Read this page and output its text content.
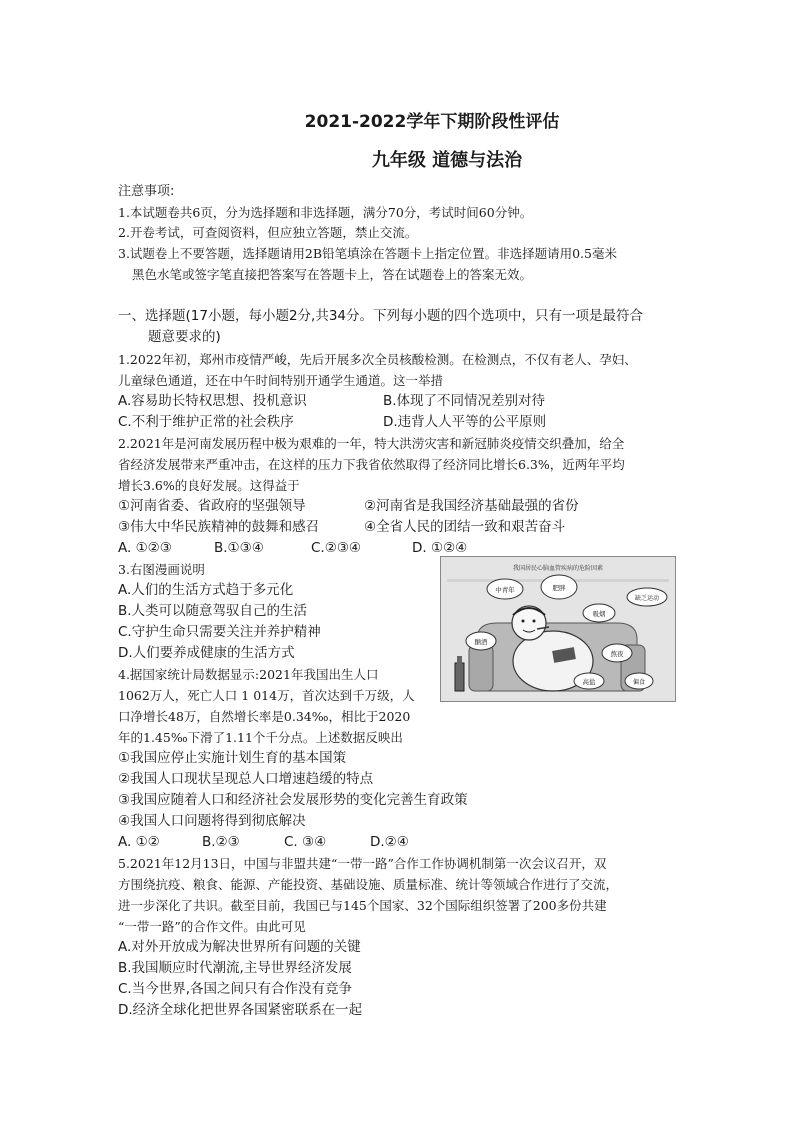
2021-2022学年下期阶段性评估
九年级 道德与法治
注意事项:
1.本试题卷共6页，分为选择题和非选择题，满分70分，考试时间60分钟。
2.开卷考试，可查阅资料，但应独立答题，禁止交流。
3.试题卷上不要答题，选择题请用2B铅笔填涂在答题卡上指定位置。非选择题请用0.5毫米
黑色水笔或签字笔直接把答案写在答题卡上，答在试题卷上的答案无效。
一、选择题(17小题，每小题2分,共34分。下列每小题的四个选项中，只有一项是最符合
题意要求的)
1.2022年初，郑州市疫情严峻，先后开展多次全员核酸检测。在检测点，不仅有老人、孕妇、
儿童绿色通道，还在中午时间特别开通学生通道。这一举措
A.容易助长特权思想、投机意识	B.体现了不同情况差别对待
C.不利于维护正常的社会秩序	D.违背人人平等的公平原则
2.2021年是河南发展历程中极为艰难的一年，特大洪涝灾害和新冠肺炎疫情交织叠加，给全
省经济发展带来严重冲击，在这样的压力下我省依然取得了经济同比增长6.3%，近两年平均
增长3.6%的良好发展。这得益于
①河南省委、省政府的坚强领导	②河南省是我国经济基础最强的省份
③伟大中华民族精神的鼓舞和感召	④全省人民的团结一致和艰苦奋斗
A. ①②③	B.①③④	C.②③④	D. ①②④
3.右图漫画说明
A.人们的生活方式趋于多元化
B.人类可以随意驾驭自己的生活
C.守护生命只需要关注并养护精神
D.人们要养成健康的生活方式
我国居民心脑血管疾病的危险因素
中青年	肥胖
吸烟
酗酒
熬夜
高盐
缺乏运动
偏食
4.据国家统计局数据显示:2021年我国出生人口
1062万人，死亡人口 1 014万，首次达到千万级，人
口净增长48万，自然增长率是0.34‰，相比于2020
年的1.45‰下滑了1.11个千分点。上述数据反映出
①我国应停止实施计划生育的基本国策
②我国人口现状呈现总人口增速趋缓的特点
③我国应随着人口和经济社会发展形势的变化完善生育政策
④我国人口问题将得到彻底解决
A. ①②	B.②③	C. ③④	D.②④
5.2021年12月13日，中国与非盟共建“一带一路”合作工作协调机制第一次会议召开，双
方围绕抗疫、粮食、能源、产能投资、基础设施、质量标准、统计等领域合作进行了交流，
进一步深化了共识。截至目前，我国已与145个国家、32个国际组织签署了200多份共建
“一带一路”的合作文件。由此可见
A.对外开放成为解决世界所有问题的关键
B.我国顺应时代潮流,主导世界经济发展
C.当今世界,各国之间只有合作没有竞争
D.经济全球化把世界各国紧密联系在一起
